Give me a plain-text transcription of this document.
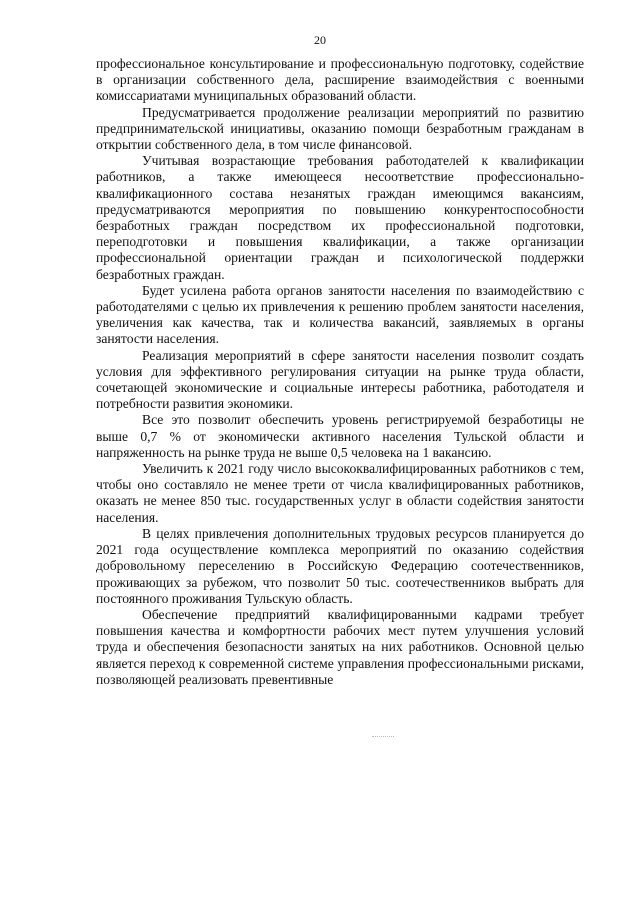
20

профессиональное консультирование и профессиональную подготовку, содействие в организации собственного дела, расширение взаимодействия с военными комиссариатами муниципальных образований области.

Предусматривается продолжение реализации мероприятий по развитию предпринимательской инициативы, оказанию помощи безработным гражданам в открытии собственного дела, в том числе финансовой.

Учитывая возрастающие требования работодателей к квалификации работников, а также имеющееся несоответствие профессионально-квалификационного состава незанятых граждан имеющимся вакансиям, предусматриваются мероприятия по повышению конкурентоспособности безработных граждан посредством их профессиональной подготовки, переподготовки и повышения квалификации, а также организации профессиональной ориентации граждан и психологической поддержки безработных граждан.

Будет усилена работа органов занятости населения по взаимодействию с работодателями с целью их привлечения к решению проблем занятости населения, увеличения как качества, так и количества вакансий, заявляемых в органы занятости населения.

Реализация мероприятий в сфере занятости населения позволит создать условия для эффективного регулирования ситуации на рынке труда области, сочетающей экономические и социальные интересы работника, работодателя и потребности развития экономики.

Все это позволит обеспечить уровень регистрируемой безработицы не выше 0,7 % от экономически активного населения Тульской области и напряженность на рынке труда не выше 0,5 человека на 1 вакансию.

Увеличить к 2021 году число высококвалифицированных работников с тем, чтобы оно составляло не менее трети от числа квалифицированных работников, оказать не менее 850 тыс. государственных услуг в области содействия занятости населения.

В целях привлечения дополнительных трудовых ресурсов планируется до 2021 года осуществление комплекса мероприятий по оказанию содействия добровольному переселению в Российскую Федерацию соотечественников, проживающих за рубежом, что позволит 50 тыс. соотечественников выбрать для постоянного проживания Тульскую область.

Обеспечение предприятий квалифицированными кадрами требует повышения качества и комфортности рабочих мест путем улучшения условий труда и обеспечения безопасности занятых на них работников. Основной целью является переход к современной системе управления профессиональными рисками, позволяющей реализовать превентивные
